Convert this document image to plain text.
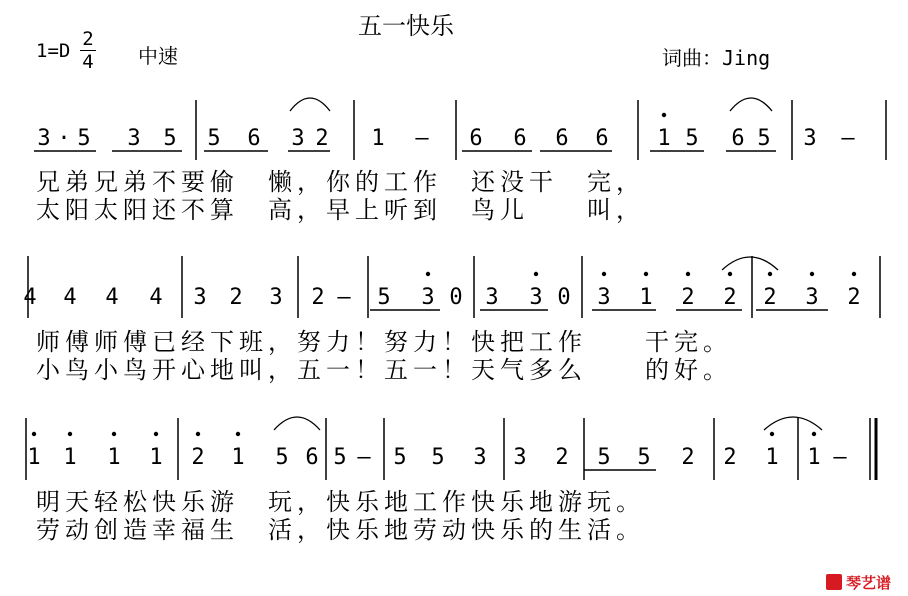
五一快乐
1=D
2
4 中速	词曲：Jing
3 · 5 3 5 5 6 3 2 1 – 6 6 6 6 1 5 6 5 3 –
兄弟兄弟不要偷　懒，你的工作　还没干　完，
太阳太阳还不算　高，早上听到　鸟儿　　叫，
4 4 4 4 3 2 3 2 – 5 3 0 3 3 0 3 1 2 2 2 3 2
师傅师傅已经下班，努力！努力！快把工作　　干完。
小鸟小鸟开心地叫，五一！五一！天气多么　　的好。
1 1 1 1 2 1 5 6 5 – 5 5 3 3 2 5 5 2 2 1 1 –
明天轻松快乐游　玩，快乐地工作快乐地游玩。
劳动创造幸福生　活，快乐地劳动快乐的生活。
琴艺谱
